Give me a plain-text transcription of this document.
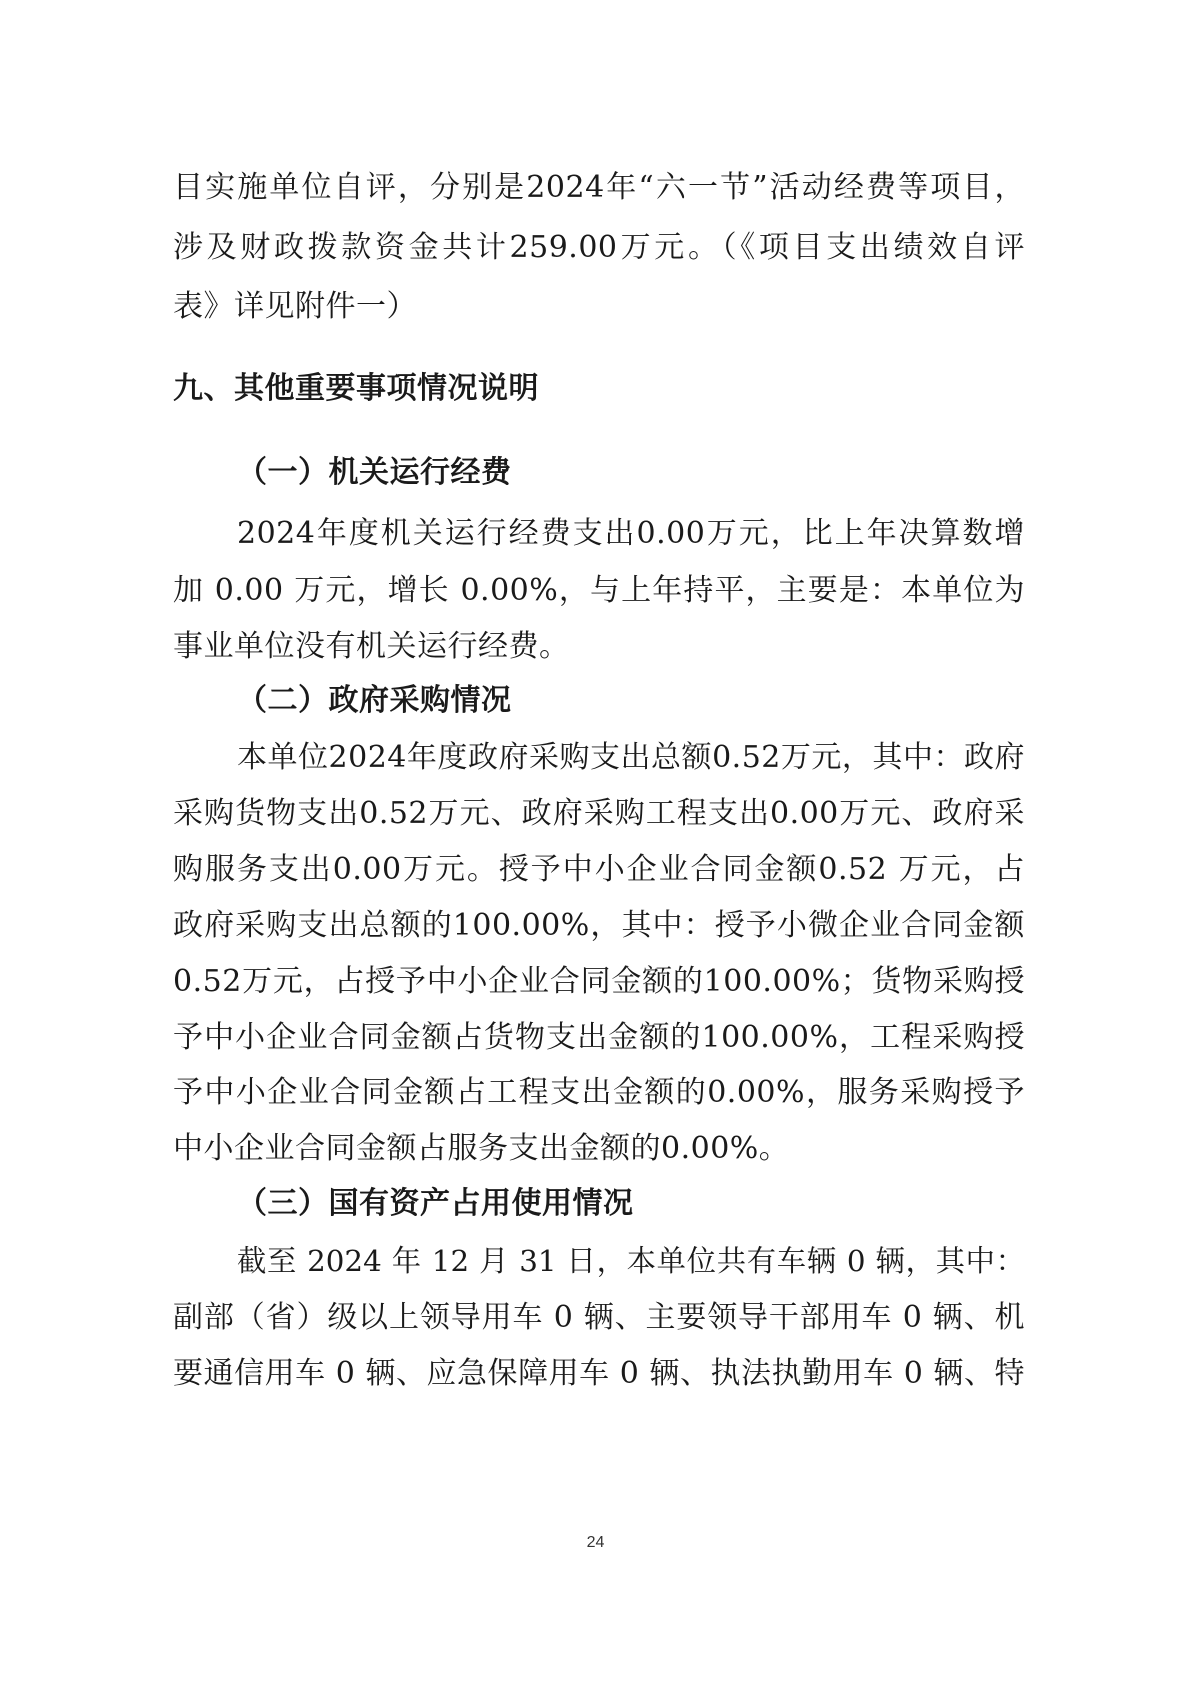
目实施单位自评，分别是2024年“六一节”活动经费等项目，
涉及财政拨款资金共计259.00万元。（《项目支出绩效自评
表》详见附件一）
九、其他重要事项情况说明
（一）机关运行经费
2024年度机关运行经费支出0.00万元，比上年决算数增
加 0.00 万元，增长 0.00%，与上年持平，主要是：本单位为
事业单位没有机关运行经费。
（二）政府采购情况
本单位2024年度政府采购支出总额0.52万元，其中：政府
采购货物支出0.52万元、政府采购工程支出0.00万元、政府采
购服务支出0.00万元。授予中小企业合同金额0.52 万元，占
政府采购支出总额的100.00%，其中：授予小微企业合同金额
0.52万元，占授予中小企业合同金额的100.00%；货物采购授
予中小企业合同金额占货物支出金额的100.00%，工程采购授
予中小企业合同金额占工程支出金额的0.00%，服务采购授予
中小企业合同金额占服务支出金额的0.00%。
（三）国有资产占用使用情况
截至 2024 年 12 月 31 日，本单位共有车辆 0 辆，其中：
副部（省）级以上领导用车 0 辆、主要领导干部用车 0 辆、机
要通信用车 0 辆、应急保障用车 0 辆、执法执勤用车 0 辆、特
24
